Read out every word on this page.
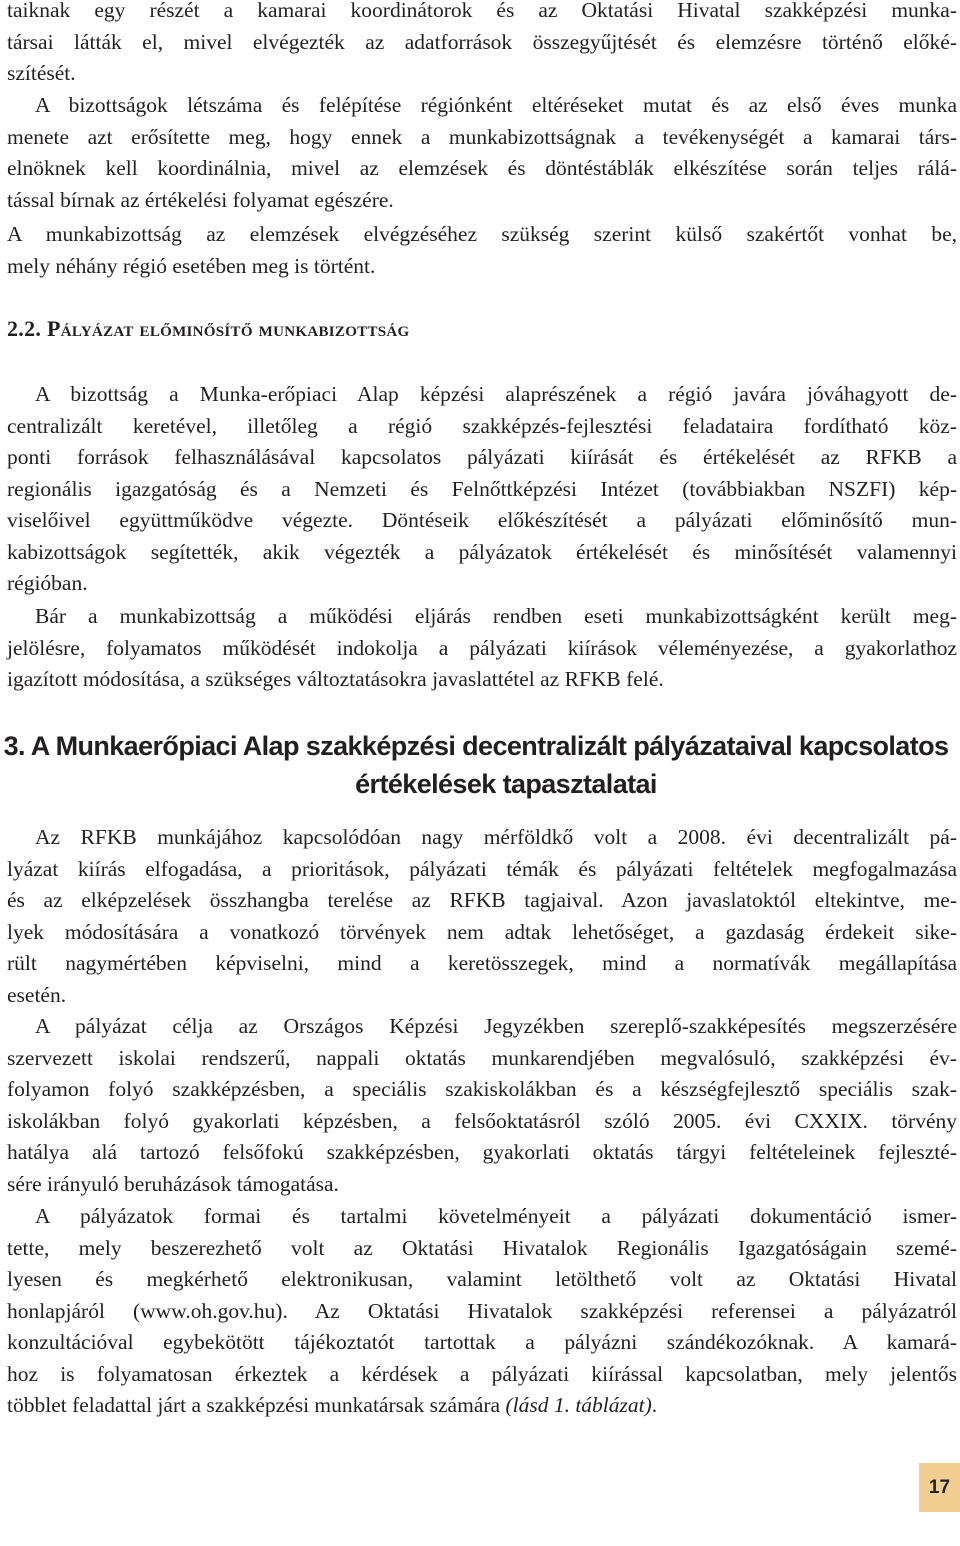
taiknak egy részét a kamarai koordinátorok és az Oktatási Hivatal szakképzési munka-
társai látták el, mivel elvégezték az adatforrások összegyűjtését és elemzésre történő előké-
szítését.

A bizottságok létszáma és felépítése régiónként eltéréseket mutat és az első éves munka
menete azt erősítette meg, hogy ennek a munkabizottságnak a tevékenységét a kamarai társ-
elnöknek kell koordinálnia, mivel az elemzések és döntéstáblák elkészítése során teljes rálá-
tással bírnak az értékelési folyamat egészére.

A munkabizottság az elemzések elvégzéséhez szükség szerint külső szakértőt vonhat be,
mely néhány régió esetében meg is történt.

2.2. Pályázat előminősítő munkabizottság

A bizottság a Munka-erőpiaci Alap képzési alaprészének a régió javára jóváhagyott de-
centralizált keretével, illetőleg a régió szakképzés-fejlesztési feladataira fordítható köz-
ponti források felhasználásával kapcsolatos pályázati kiírását és értékelését az RFKB a
regionális igazgatóság és a Nemzeti és Felnőttképzési Intézet (továbbiakban NSZFI) kép-
viselőivel együttműködve végezte. Döntéseik előkészítését a pályázati előminősítő mun-
kabizottságok segítették, akik végezték a pályázatok értékelését és minősítését valamennyi
régióban.

Bár a munkabizottság a működési eljárás rendben eseti munkabizottságként került meg-
jelölésre, folyamatos működését indokolja a pályázati kiírások véleményezése, a gyakorlathoz
igazított módosítása, a szükséges változtatásokra javaslattétel az RFKB felé.

3. A Munkaerőpiaci Alap szakképzési decentralizált pályázataival kapcsolatos
értékelések tapasztalatai

Az RFKB munkájához kapcsolódóan nagy mérföldkő volt a 2008. évi decentralizált pá-
lyázat kiírás elfogadása, a prioritások, pályázati témák és pályázati feltételek megfogalmazása
és az elképzelések összhangba terelése az RFKB tagjaival. Azon javaslatoktól eltekintve, me-
lyek módosítására a vonatkozó törvények nem adtak lehetőséget, a gazdaság érdekeit sike-
rült nagymértében képviselni, mind a keretösszegek, mind a normatívák megállapítása
esetén.

A pályázat célja az Országos Képzési Jegyzékben szereplő-szakképesítés megszerzésére
szervezett iskolai rendszerű, nappali oktatás munkarendjében megvalósuló, szakképzési év-
folyamon folyó szakképzésben, a speciális szakiskolákban és a készségfejlesztő speciális szak-
iskolákban folyó gyakorlati képzésben, a felsőoktatásról szóló 2005. évi CXXIX. törvény
hatálya alá tartozó felsőfokú szakképzésben, gyakorlati oktatás tárgyi feltételeinek fejleszté-
sére irányuló beruházások támogatása.

A pályázatok formai és tartalmi követelményeit a pályázati dokumentáció ismer-
tette, mely beszerezhető volt az Oktatási Hivatalok Regionális Igazgatóságain szemé-
lyesen és megkérhető elektronikusan, valamint letölthető volt az Oktatási Hivatal
honlapjáról (www.oh.gov.hu). Az Oktatási Hivatalok szakképzési referensei a pályázatról
konzultációval egybekötött tájékoztatót tartottak a pályázni szándékozóknak. A kamará-
hoz is folyamatosan érkeztek a kérdések a pályázati kiírással kapcsolatban, mely jelentős
többlet feladattal járt a szakképzési munkatársak számára (lásd 1. táblázat).

17
